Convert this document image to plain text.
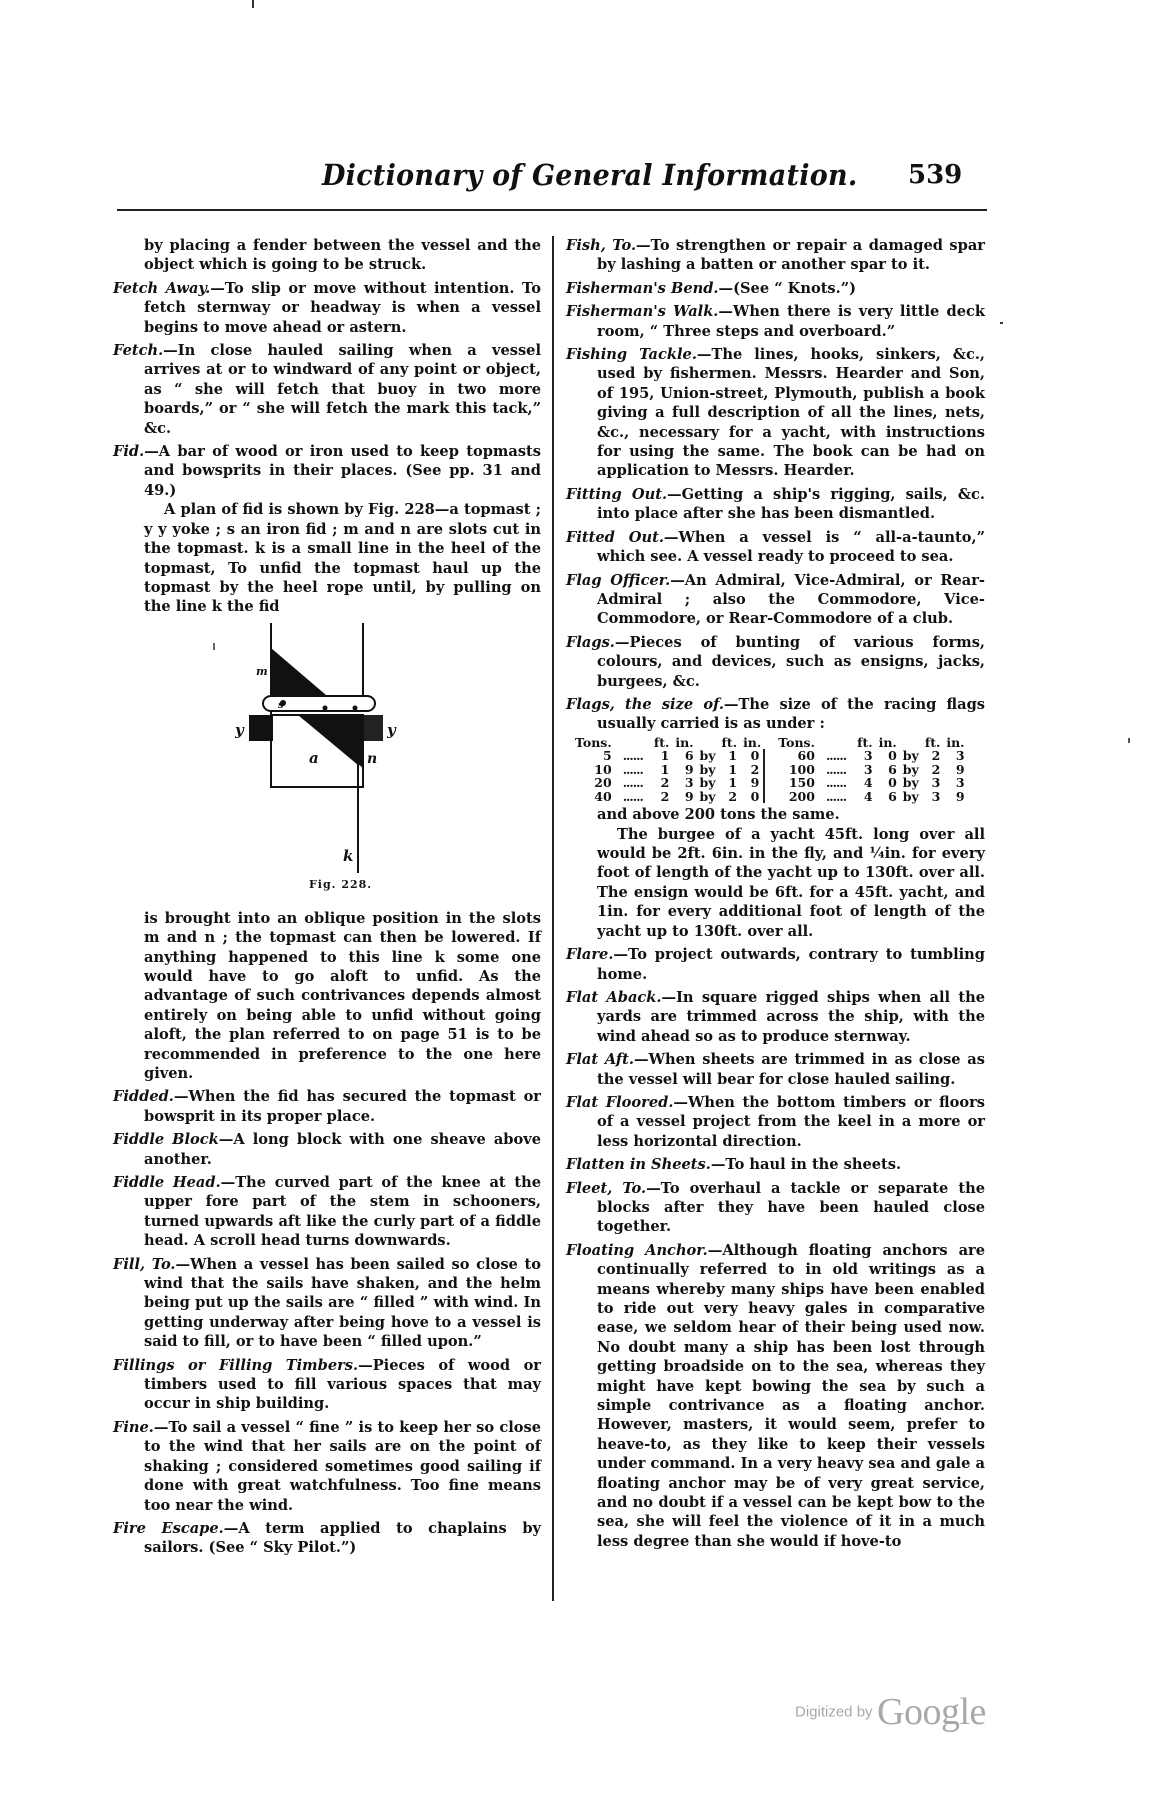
Dictionary of General Information. 539

by placing a fender between the vessel and the object which is going to be struck.

Fetch Away.—To slip or move without intention. To fetch sternway or headway is when a vessel begins to move ahead or astern.

Fetch.—In close hauled sailing when a vessel arrives at or to windward of any point or object, as “ she will fetch that buoy in two more boards,” or “ she will fetch the mark this tack,” &c.

Fid.—A bar of wood or iron used to keep topmasts and bowsprits in their places. (See pp. 31 and 49.)

A plan of fid is shown by Fig. 228—a topmast ; y y yoke ; s an iron fid ; m and n are slots cut in the topmast. k is a small line in the heel of the topmast, To unfid the topmast haul up the topmast by the heel rope until, by pulling on the line k the fid

m
s
y	y
a	n
k
Fig. 228.

is brought into an oblique position in the slots m and n ; the topmast can then be lowered. If anything happened to this line k some one would have to go aloft to unfid. As the advantage of such contrivances depends almost entirely on being able to unfid without going aloft, the plan referred to on page 51 is to be recommended in preference to the one here given.

Fidded.—When the fid has secured the topmast or bowsprit in its proper place.

Fiddle Block—A long block with one sheave above another.

Fiddle Head.—The curved part of the knee at the upper fore part of the stem in schooners, turned upwards aft like the curly part of a fiddle head. A scroll head turns downwards.

Fill, To.—When a vessel has been sailed so close to wind that the sails have shaken, and the helm being put up the sails are “ filled ” with wind. In getting underway after being hove to a vessel is said to fill, or to have been “ filled upon.”

Fillings or Filling Timbers.—Pieces of wood or timbers used to fill various spaces that may occur in ship building.

Fine.—To sail a vessel “ fine ” is to keep her so close to the wind that her sails are on the point of shaking ; considered sometimes good sailing if done with great watchfulness. Too fine means too near the wind.

Fire Escape.—A term applied to chaplains by sailors. (See “ Sky Pilot.”)

Fish, To.—To strengthen or repair a damaged spar by lashing a batten or another spar to it.

Fisherman's Bend.—(See “ Knots.”)

Fisherman's Walk.—When there is very little deck room, “ Three steps and overboard.”

Fishing Tackle.—The lines, hooks, sinkers, &c., used by fishermen. Messrs. Hearder and Son, of 195, Union-street, Plymouth, publish a book giving a full description of all the lines, nets, &c., necessary for a yacht, with instructions for using the same. The book can be had on application to Messrs. Hearder.

Fitting Out.—Getting a ship's rigging, sails, &c. into place after she has been dismantled.

Fitted Out.—When a vessel is “ all-a-taunto,” which see. A vessel ready to proceed to sea.

Flag Officer.—An Admiral, Vice-Admiral, or Rear-Admiral ; also the Commodore, Vice-Commodore, or Rear-Commodore of a club.

Flags.—Pieces of bunting of various forms, colours, and devices, such as ensigns, jacks, burgees, &c.

Flags, the size of.—The size of the racing flags usually carried is as under :

Tons.		ft.	in.		ft.	in.	Tons.		ft.	in.		ft.	in.
5	......	1	6	by	1	0	60	......	3	0	by	2	3
10	......	1	9	by	1	2	100	......	3	6	by	2	9
20	......	2	3	by	1	9	150	......	4	0	by	3	3
40	......	2	9	by	2	0	200	......	4	6	by	3	9

and above 200 tons the same.

The burgee of a yacht 45ft. long over all would be 2ft. 6in. in the fly, and ¼in. for every foot of length of the yacht up to 130ft. over all. The ensign would be 6ft. for a 45ft. yacht, and 1in. for every additional foot of length of the yacht up to 130ft. over all.

Flare.—To project outwards, contrary to tumbling home.

Flat Aback.—In square rigged ships when all the yards are trimmed across the ship, with the wind ahead so as to produce sternway.

Flat Aft.—When sheets are trimmed in as close as the vessel will bear for close hauled sailing.

Flat Floored.—When the bottom timbers or floors of a vessel project from the keel in a more or less horizontal direction.

Flatten in Sheets.—To haul in the sheets.

Fleet, To.—To overhaul a tackle or separate the blocks after they have been hauled close together.

Floating Anchor.—Although floating anchors are continually referred to in old writings as a means whereby many ships have been enabled to ride out very heavy gales in comparative ease, we seldom hear of their being used now. No doubt many a ship has been lost through getting broadside on to the sea, whereas they might have kept bowing the sea by such a simple contrivance as a floating anchor. However, masters, it would seem, prefer to heave-to, as they like to keep their vessels under command. In a very heavy sea and gale a floating anchor may be of very great service, and no doubt if a vessel can be kept bow to the sea, she will feel the violence of it in a much less degree than she would if hove-to

Digitized by Google
